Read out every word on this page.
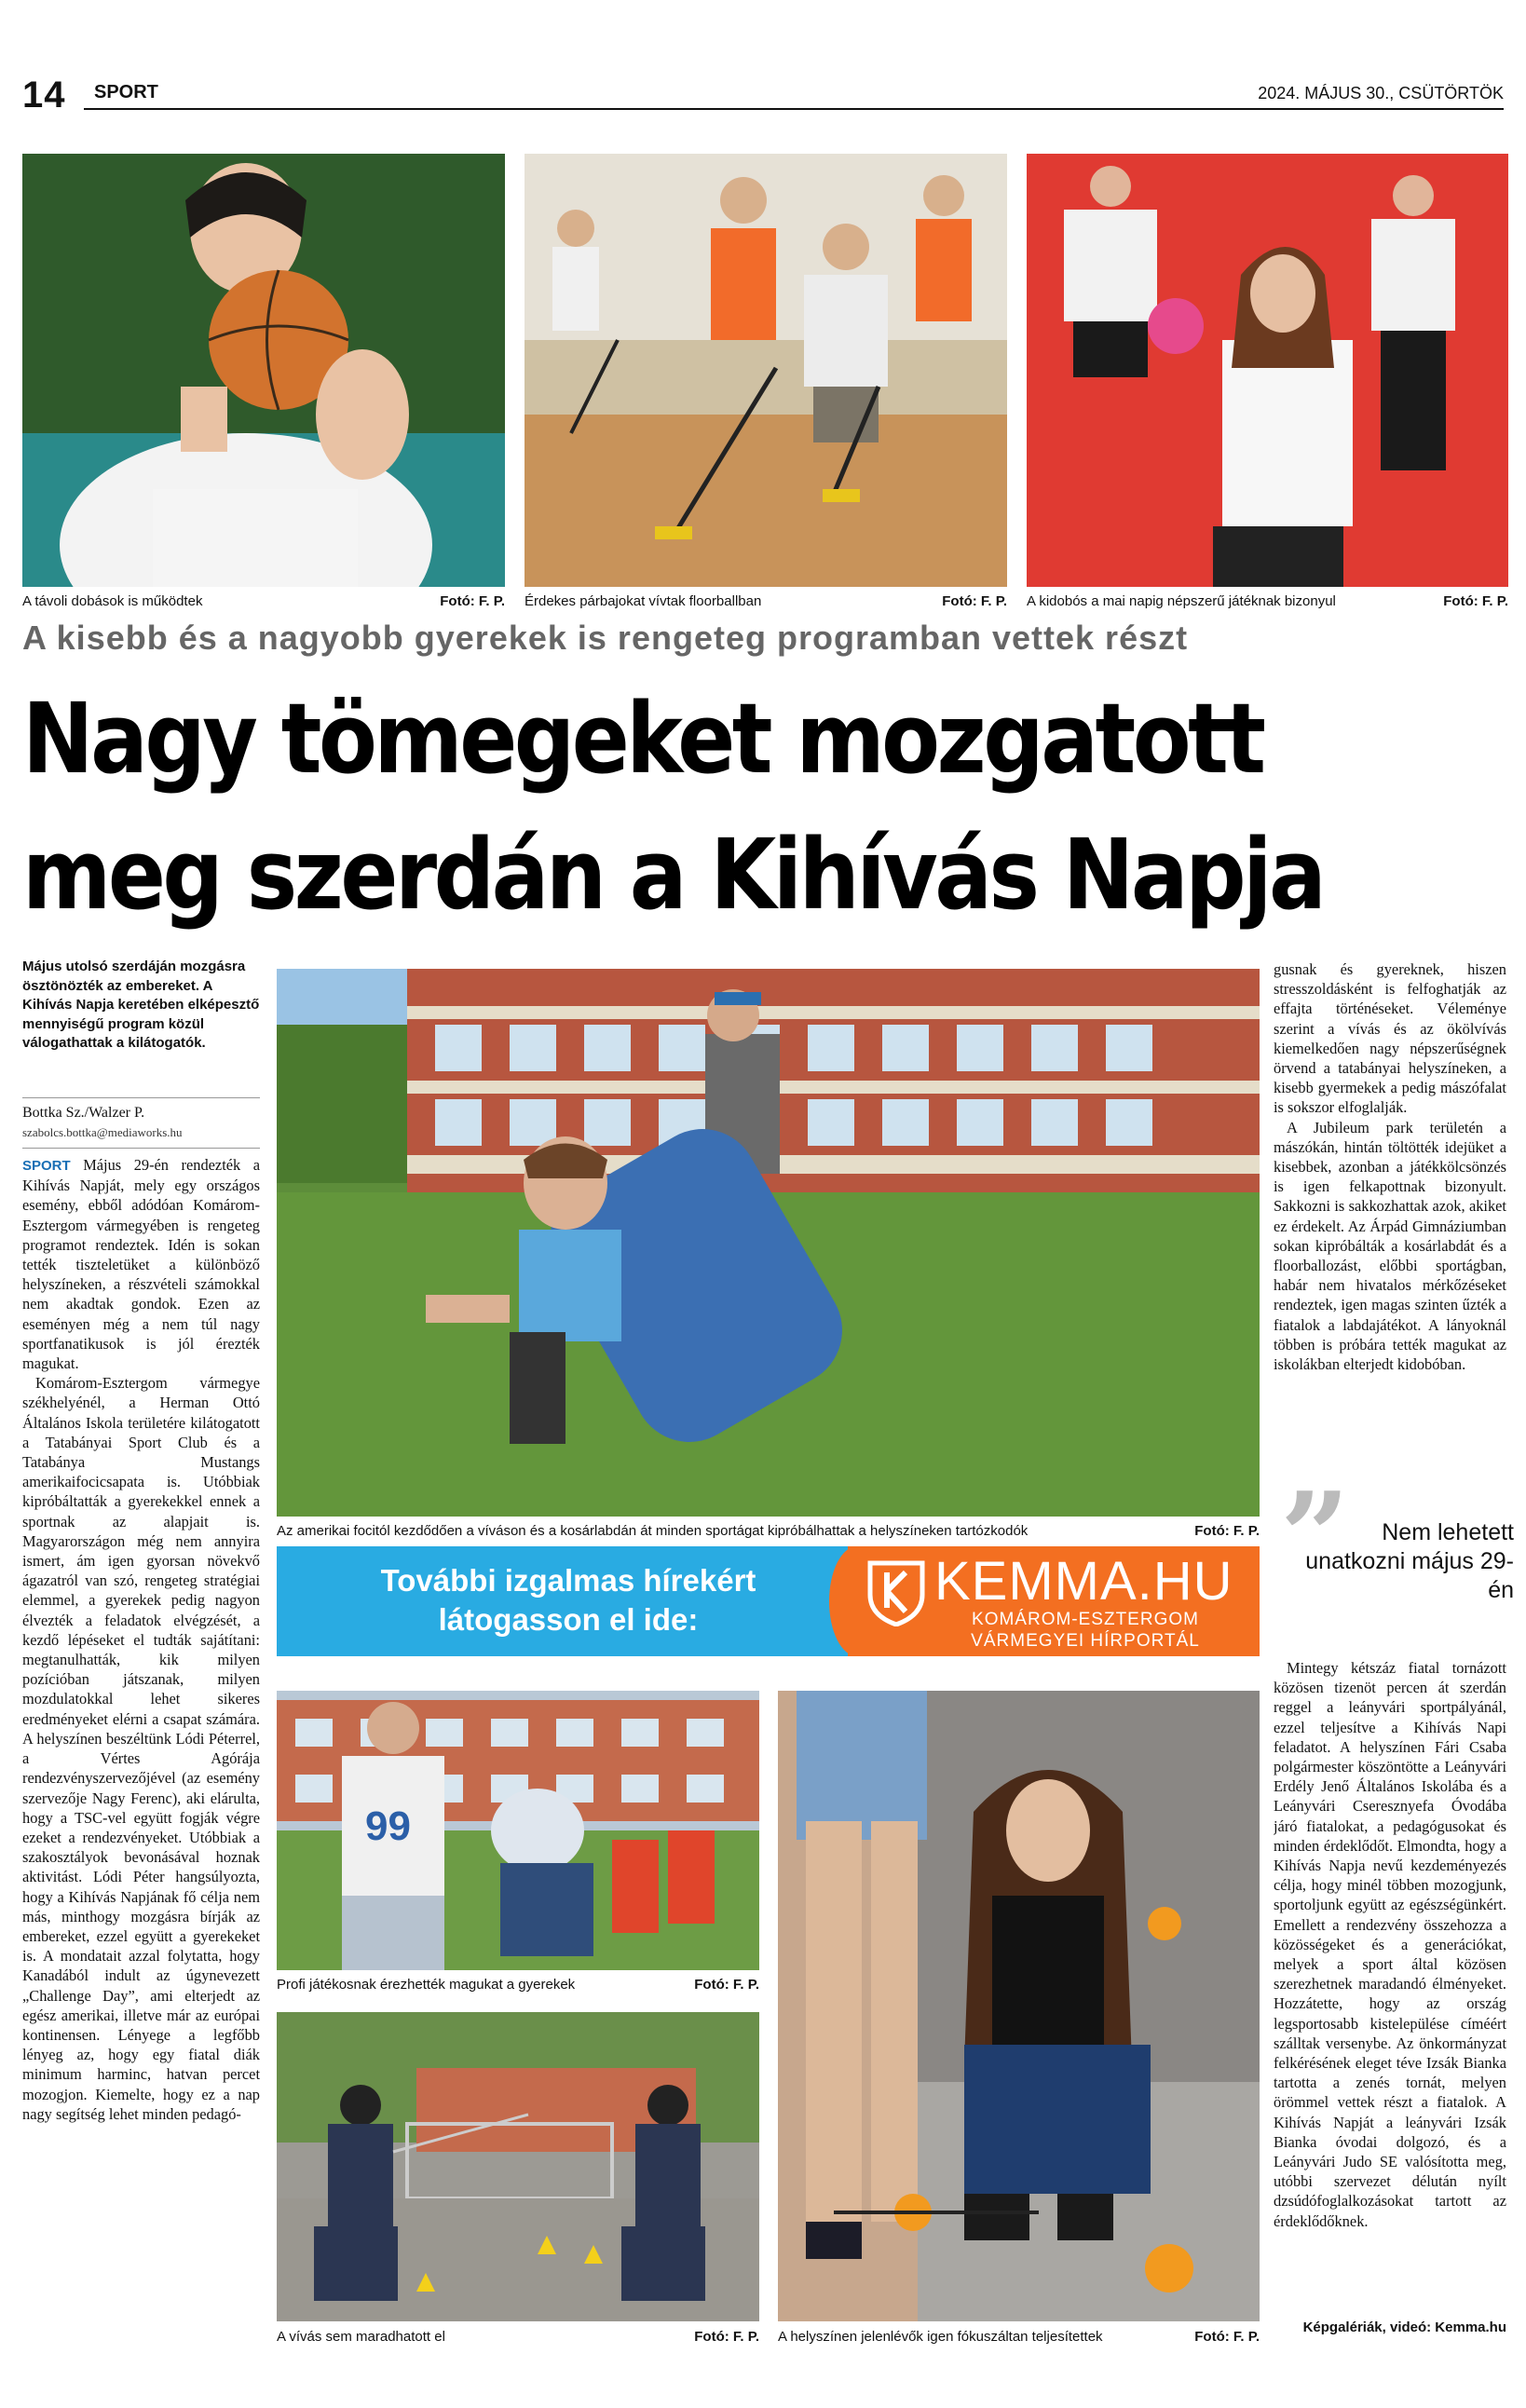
14 SPORT	2024. MÁJUS 30., CSÜTÖRTÖK
A távoli dobások is működtek	Fotó: F. P. Érdekes párbajokat vívtak floorballban	Fotó: F. P. A kidobós a mai napig népszerű játéknak bizonyul	Fotó: F. P.
A kisebb és a nagyobb gyerekek is rengeteg programban vettek részt
Nagy tömegeket mozgatott
meg szerdán a Kihívás Napja
Május utolsó szerdáján mozgásra ösztönözték az embereket. A Kihívás Napja keretében elképesztő mennyiségű program közül válogathattak a kilátogatók.
Bottka Sz./Walzer P.
szabolcs.bottka@mediaworks.hu

SPORT Május 29-én rendezték a Kihívás Napját, mely egy országos esemény, ebből adódóan Komárom-Esztergom vármegyében is rengeteg programot rendeztek. Idén is sokan tették tiszteletüket a különböző helyszíneken, a részvételi számokkal nem akadtak gondok. Ezen az eseményen még a nem túl nagy sportfanatikusok is jól érezték magukat.

Komárom-Esztergom vármegye székhelyénél, a Herman Ottó Általános Iskola területére kilátogatott a Tatabányai Sport Club és a Tatabánya Mustangs amerikaifocicsapata is. Utóbbiak kipróbáltatták a gyerekekkel ennek a sportnak az alapjait is. Magyarországon még nem annyira ismert, ám igen gyorsan növekvő ágazatról van szó, rengeteg stratégiai elemmel, a gyerekek pedig nagyon élvezték a feladatok elvégzését, a kezdő lépéseket el tudták sajátítani: megtanulhatták, kik milyen pozícióban játszanak, milyen mozdulatokkal lehet sikeres eredményeket elérni a csapat számára. A helyszínen beszéltünk Lódi Péterrel, a Vértes Agórája rendezvényszervezőjével (az esemény szervezője Nagy Ferenc), aki elárulta, hogy a TSC-vel együtt fogják végre ezeket a rendezvényeket. Utóbbiak a szakosztályok bevonásával hoznak aktivitást. Lódi Péter hangsúlyozta, hogy a Kihívás Napjának fő célja nem más, minthogy mozgásra bírják az embereket, ezzel együtt a gyerekeket is. A mondatait azzal folytatta, hogy Kanadából indult az úgynevezett „Challenge Day”, ami elterjedt az egész amerikai, illetve már az európai kontinensen. Lényege a legfőbb lényeg az, hogy egy fiatal diák minimum harminc, hatvan percet mozogjon. Kiemelte, hogy ez a nap nagy segítség lehet minden pedagó-

Az amerikai focitól kezdődően a víváson és a kosárlabdán át minden sportágat kipróbálhattak a helyszíneken tartózkodók	Fotó: F. P.

gusnak és gyereknek, hiszen stresszoldásként is felfoghatják az effajta történéseket. Véleménye szerint a vívás és az ökölvívás kiemelkedően nagy népszerűségnek örvend a tatabányai helyszíneken, a kisebb gyermekek a pedig mászófalat is sokszor elfoglalják.

A Jubileum park területén a mászókán, hintán töltötték idejüket a kisebbek, azonban a játékkölcsönzés is igen felkapottnak bizonyult. Sakkozni is sakkozhattak azok, akiket ez érdekelt. Az Árpád Gimnáziumban sokan kipróbálták a kosárlabdát és a floorballozást, előbbi sportágban, habár nem hivatalos mérkőzéseket rendeztek, igen magas szinten űzték a fiatalok a labdajátékot. A lányoknál többen is próbára tették magukat az iskolákban elterjedt kidobóban.

”	Nem lehetett unatkozni május 29-én
További izgalmas hírekért
látogasson el ide:
KEMMA.HU
KOMÁROM-ESZTERGOM
VÁRMEGYEI HÍRPORTÁL
99
Profi játékosnak érezhették magukat a gyerekek	Fotó: F. P.
A vívás sem maradhatott el	Fotó: F. P. A helyszínen jelenlévők igen fókuszáltan teljesítettek	Fotó: F. P.

Mintegy kétszáz fiatal tornázott közösen tizenöt percen át szerdán reggel a leányvári sportpályánál, ezzel teljesítve a Kihívás Napi feladatot. A helyszínen Fári Csaba polgármester köszöntötte a Leányvári Erdély Jenő Általános Iskolába és a Leányvári Cseresznyefa Óvodába járó fiatalokat, a pedagógusokat és minden érdeklődőt. Elmondta, hogy a Kihívás Napja nevű kezdeményezés célja, hogy minél többen mozogjunk, sportoljunk együtt az egészségünkért. Emellett a rendezvény összehozza a közösségeket és a generációkat, melyek a sport által közösen szerezhetnek maradandó élményeket. Hozzátette, hogy az ország legsportosabb kistelepülése címéért szálltak versenybe. Az önkormányzat felkérésének eleget téve Izsák Bianka tartotta a zenés tornát, melyen örömmel vettek részt a fiatalok. A Kihívás Napját a leányvári Izsák Bianka óvodai dolgozó, és a Leányvári Judo SE valósította meg, utóbbi szervezet délután nyílt dzsúdófoglalkozásokat tartott az érdeklődőknek.

Képgalériák, videó: Kemma.hu
